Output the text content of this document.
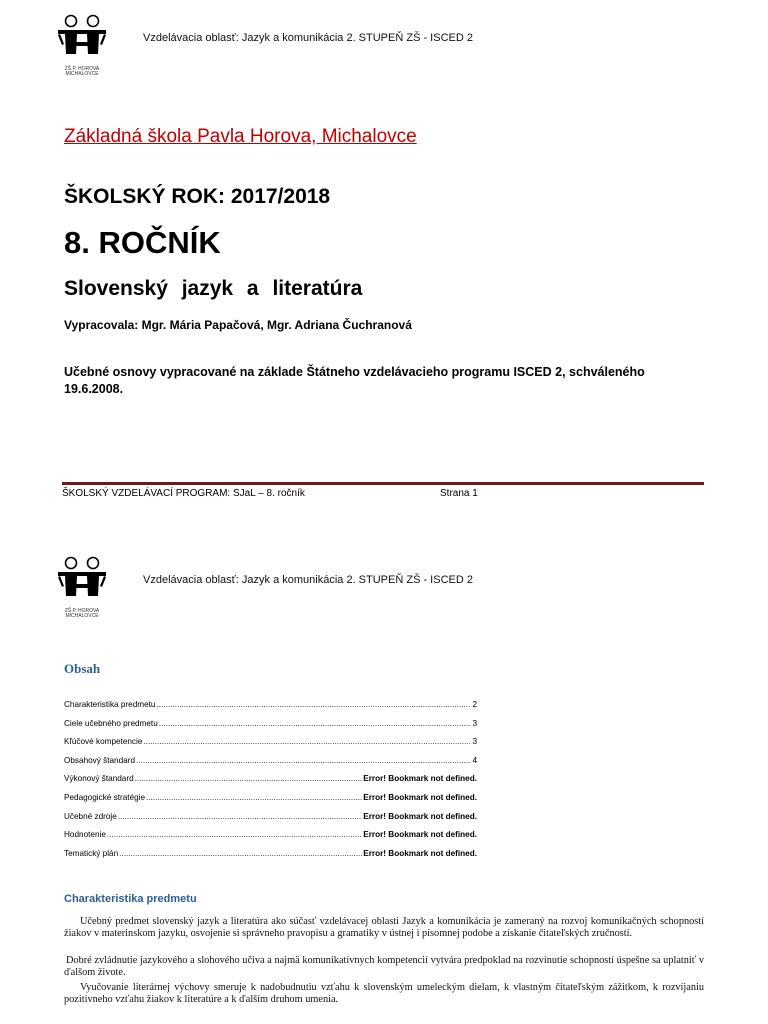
ZŠ P. HOROVA MICHALOVCE
Vzdelávacia oblasť: Jazyk a komunikácia 2. STUPEŇ ZŠ - ISCED 2
Základná škola Pavla Horova, Michalovce
ŠKOLSKÝ ROK: 2017/2018
8. ROČNÍK
Slovenský jazyk a literatúra
Vypracovala: Mgr. Mária Papačová, Mgr. Adriana Čuchranová
Učebné osnovy vypracované na základe Štátneho vzdelávacieho programu ISCED 2, schváleného 19.6.2008.
ŠKOLSKÝ VZDELÁVACÍ PROGRAM: SJaL – 8. ročník	Strana 1
ZŠ P. HOROVA MICHALOVCE
Vzdelávacia oblasť: Jazyk a komunikácia 2. STUPEŇ ZŠ - ISCED 2
Obsah
Charakteristika predmetu .....	2
Ciele učebného predmetu .....	3
Kľúčové kompetencie .....	3
Obsahový štandard .....	4
Výkonový štandard .....	Error! Bookmark not defined.
Pedagogické stratégie .....	Error! Bookmark not defined.
Učebné zdroje .....	Error! Bookmark not defined.
Hodnotenie .....	Error! Bookmark not defined.
Tematický plán .....	Error! Bookmark not defined.
Charakteristika predmetu
Učebný predmet slovenský jazyk a literatúra ako súčasť vzdelávacej oblasti Jazyk a komunikácia je zameraný na rozvoj komunikačných schopností žiakov v materinskom jazyku, osvojenie si správneho pravopisu a gramatiky v ústnej i písomnej podobe a získanie čitateľských zručností.
Dobré zvládnutie jazykového a slohového učiva a najmä komunikatívnych kompetencií vytvára predpoklad na rozvinutie schopností úspešne sa uplatniť v ďalšom živote.
Vyučovanie literárnej výchovy smeruje k nadobudnutiu vzťahu k slovenským umeleckým dielam, k vlastným čitateľským zážitkom, k rozvíjaniu pozitívneho vzťahu žiakov k literatúre a k ďalším druhom umenia.
